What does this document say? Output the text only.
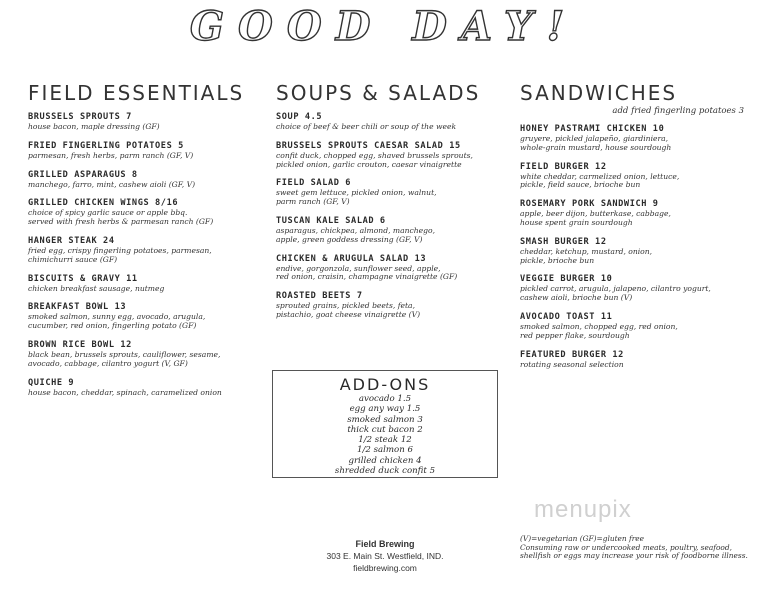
GOOD DAY!
FIELD ESSENTIALS
BRUSSELS SPROUTS 7
house bacon, maple dressing (GF)
FRIED FINGERLING POTATOES 5
parmesan, fresh herbs, parm ranch (GF, V)
GRILLED ASPARAGUS 8
manchego, farro, mint, cashew aioli (GF, V)
GRILLED CHICKEN WINGS 8/16
choice of spicy garlic sauce or apple bbq.
served with fresh herbs & parmesan ranch (GF)
HANGER STEAK 24
fried egg, crispy fingerling potatoes, parmesan,
chimichurri sauce (GF)
BISCUITS & GRAVY 11
chicken breakfast sausage, nutmeg
BREAKFAST BOWL 13
smoked salmon, sunny egg, avocado, arugula,
cucumber, red onion, fingerling potato (GF)
BROWN RICE BOWL 12
black bean, brussels sprouts, cauliflower, sesame,
avocado, cabbage, cilantro yogurt (V, GF)
QUICHE 9
house bacon, cheddar, spinach, caramelized onion
SOUPS & SALADS
SOUP 4.5
choice of beef & beer chili or soup of the week
BRUSSELS SPROUTS CAESAR SALAD 15
confit duck, chopped egg, shaved brussels sprouts,
pickled onion, garlic crouton, caesar vinaigrette
FIELD SALAD 6
sweet gem lettuce, pickled onion, walnut,
parm ranch (GF, V)
TUSCAN KALE SALAD 6
asparagus, chickpea, almond, manchego,
apple, green goddess dressing (GF, V)
CHICKEN & ARUGULA SALAD 13
endive, gorgonzola, sunflower seed, apple,
red onion, craisin, champagne vinaigrette (GF)
ROASTED BEETS 7
sprouted grains, pickled beets, feta,
pistachio, goat cheese vinaigrette (V)
SANDWICHES
add fried fingerling potatoes 3
HONEY PASTRAMI CHICKEN 10
gruyere, pickled jalapeño, giardiniera,
whole-grain mustard, house sourdough
FIELD BURGER 12
white cheddar, carmelized onion, lettuce,
pickle, field sauce, brioche bun
ROSEMARY PORK SANDWICH 9
apple, beer dijon, butterkase, cabbage,
house spent grain sourdough
SMASH BURGER 12
cheddar, ketchup, mustard, onion,
pickle, brioche bun
VEGGIE BURGER 10
pickled carrot, arugula, jalapeno, cilantro yogurt,
cashew aioli, brioche bun (V)
AVOCADO TOAST 11
smoked salmon, chopped egg, red onion,
red pepper flake, sourdough
FEATURED BURGER 12
rotating seasonal selection
ADD-ONS
avocado 1.5
egg any way 1.5
smoked salmon 3
thick cut bacon 2
1/2 steak 12
1/2 salmon 6
grilled chicken 4
shredded duck confit 5
menupix
(V)=vegetarian (GF)=gluten free
Consuming raw or undercooked meats, poultry, seafood,
shellfish or eggs may increase your risk of foodborne illness.
Field Brewing
303 E. Main St. Westfield, IND.
fieldbrewing.com
